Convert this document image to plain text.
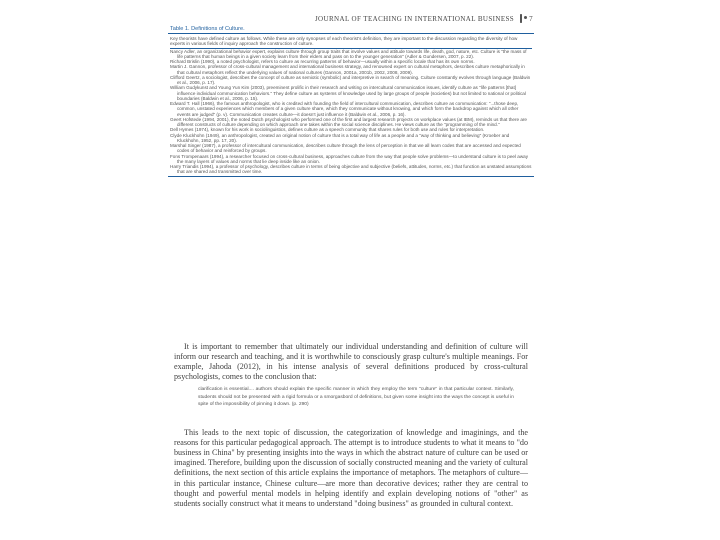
JOURNAL OF TEACHING IN INTERNATIONAL BUSINESS 7
Table 1. Definitions of Culture.
Key theorists have defined culture as follows. While these are only synopses of each theorist's definition, they are important to the discussion regarding the diversity of how experts in various fields of inquiry approach the construction of culture.
Nancy Adler, an organizational behavior expert, explains culture through group traits that involve values and attitude towards life, death, god, nature, etc. Culture is "the mass of life patterns that human beings in a given society learn from their elders and pass on to the younger generation" (Adler & Gundersen, 2007, p. 22).
Richard Brislin (1990), a noted psychologist, refers to culture as recurring patterns of behavior—usually within a specific locale that has its own norms.
Martin J. Gannon, professor of cross-cultural management and international business strategy, and renowned expert on cultural metaphors, describes culture metaphorically in that cultural metaphors reflect the underlying values of national cultures (Gannon, 2001a, 2001b, 2002, 2008, 2009).
Clifford Geertz, a sociologist, describes the concept of culture as semiotic (symbolic) and interpretive in search of meaning. Culture constantly evolves through language (Baldwin et al., 2006, p. 17).
William Gudykunst and Young Yun Kim (2003), preeminent prolific in their research and writing on intercultural communication issues, identify culture as "life patterns [that] influence individual communication behaviors." They define culture as systems of knowledge used by large groups of people (societies) but not limited to national or political boundaries (Baldwin et al., 2006, p. 15).
Edward T. Hall (1966), the famous anthropologist, who is credited with founding the field of intercultural communication, describes culture as communication: "...those deep, common, unstated experiences which members of a given culture share, which they communicate without knowing, and which form the backdrop against which all other events are judged" (p. v). Communication creates culture—it doesn't just influence it (Baldwin et al., 2006, p. 16).
Geert Hofstede (1994, 2001), the noted Dutch psychologist who performed one of the first and largest research projects on workplace values (at IBM), reminds us that there are different constructs of culture depending on which approach one takes within the social science disciplines. He views culture as the "programming of the mind."
Dell Hymes (1974), known for his work in sociolinguistics, defines culture as a speech community that shares rules for both use and rules for interpretation.
Clyde Kluckhohn (1949), an anthropologist, created an original notion of culture that is a total way of life as a people and a "way of thinking and believing" (Kroeber and Kluckhohn, 1952, pp. 17, 20).
Marshal Singer (1987), a professor of intercultural communication, describes culture through the lens of perception in that we all learn codes that are accessed and expected codes of behavior and reinforced by groups.
Fons Trompenaars (1994), a researcher focused on cross-cultural business, approaches culture from the way that people solve problems—to understand culture is to peel away the many layers of values and norms that lie deep inside like an onion.
Harry Triandis (1994), a professor of psychology, describes culture in terms of being objective and subjective (beliefs, attitudes, norms, etc.) that function as unstated assumptions that are shared and transmitted over time.

It is important to remember that ultimately our individual understanding and definition of culture will inform our research and teaching, and it is worthwhile to consciously grasp culture's multiple meanings. For example, Jahoda (2012), in his intense analysis of several definitions produced by cross-cultural psychologists, comes to the conclusion that:

clarification is essential.... authors should explain the specific manner in which they employ the term "culture" in that particular context. Similarly, students should not be presented with a rigid formula or a smorgasbord of definitions, but given some insight into the ways the concept is useful in spite of the impossibility of pinning it down. (p. 290)

This leads to the next topic of discussion, the categorization of knowledge and imaginings, and the reasons for this particular pedagogical approach. The attempt is to introduce students to what it means to "do business in China" by presenting insights into the ways in which the abstract nature of culture can be used or imagined. Therefore, building upon the discussion of socially constructed meaning and the variety of cultural definitions, the next section of this article explains the importance of metaphors. The metaphors of culture—in this particular instance, Chinese culture—are more than decorative devices; rather they are central to thought and powerful mental models in helping identify and explain developing notions of "other" as students socially construct what it means to understand "doing business" as grounded in cultural context.
